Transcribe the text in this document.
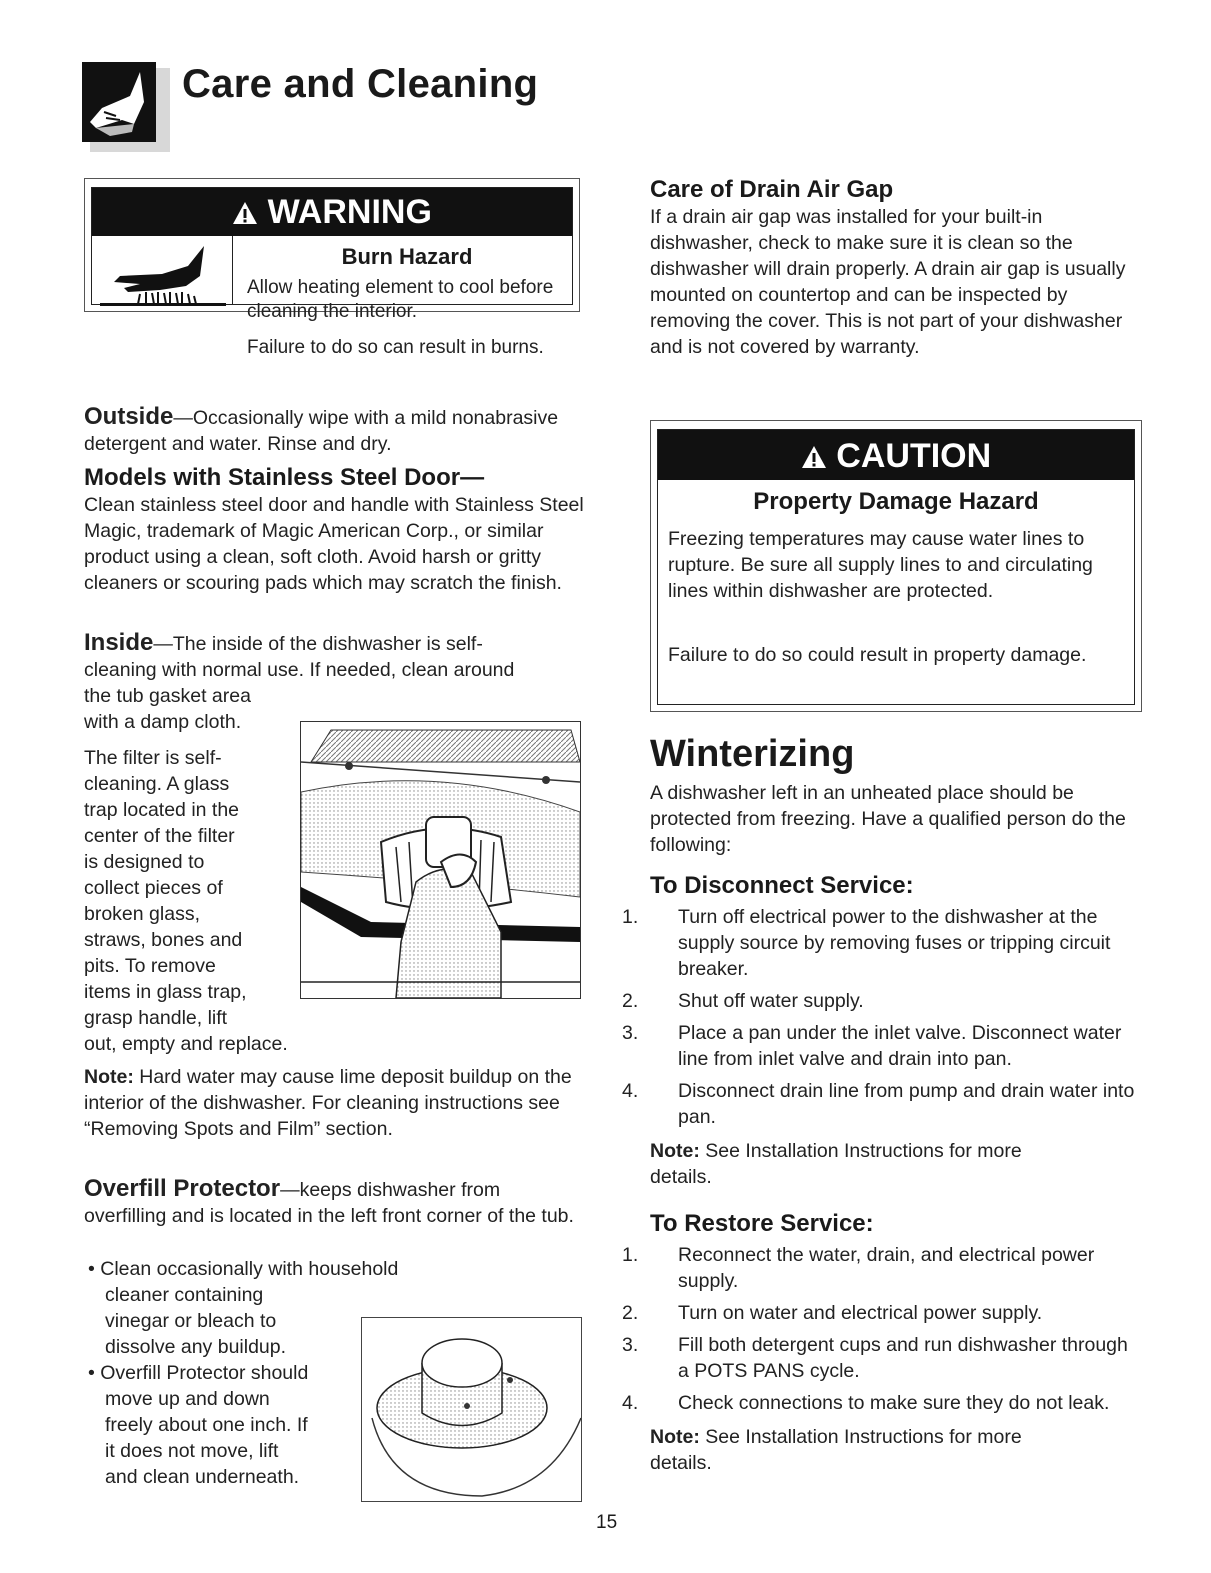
Care and Cleaning
WARNING
Burn Hazard
Allow heating element to cool before cleaning the interior.
Failure to do so can result in burns.
Outside—Occasionally wipe with a mild nonabrasive detergent and water. Rinse and dry.
Models with Stainless Steel Door—
Clean stainless steel door and handle with Stainless Steel Magic, trademark of Magic American Corp., or similar product using a clean, soft cloth. Avoid harsh or gritty cleaners or scouring pads which may scratch the finish.
Inside—The inside of the dishwasher is self-
cleaning with normal use. If needed, clean around
the tub gasket area
with a damp cloth.
The filter is self-
cleaning. A glass
trap located in the
center of the filter
is designed to
collect pieces of
broken glass,
straws, bones and
pits. To remove
items in glass trap,
grasp handle, lift
out, empty and replace.
Note: Hard water may cause lime deposit buildup on the interior of the dishwasher. For cleaning instructions see “Removing Spots and Film” section.
Overfill Protector—keeps dishwasher from overfilling and is located in the left front corner of the tub.
• Clean occasionally with household
cleaner containing
vinegar or bleach to
dissolve any buildup.
• Overfill Protector should
move up and down
freely about one inch. If
it does not move, lift
and clean underneath.
Care of Drain Air Gap
If a drain air gap was installed for your built-in dishwasher, check to make sure it is clean so the dishwasher will drain properly. A drain air gap is usually mounted on countertop and can be inspected by removing the cover. This is not part of your dishwasher and is not covered by warranty.
CAUTION
Property Damage Hazard
Freezing temperatures may cause water lines to rupture. Be sure all supply lines to and circulating lines within dishwasher are protected.
Failure to do so could result in property damage.
Winterizing
A dishwasher left in an unheated place should be protected from freezing. Have a qualified person do the following:
To Disconnect Service:
1. Turn off electrical power to the dishwasher at the supply source by removing fuses or tripping circuit breaker.
2. Shut off water supply.
3. Place a pan under the inlet valve. Disconnect water line from inlet valve and drain into pan.
4. Disconnect drain line from pump and drain water into pan.
Note: See Installation Instructions for more details.
To Restore Service:
1. Reconnect the water, drain, and electrical power supply.
2. Turn on water and electrical power supply.
3. Fill both detergent cups and run dishwasher through a POTS PANS cycle.
4. Check connections to make sure they do not leak.
Note: See Installation Instructions for more details.
15
